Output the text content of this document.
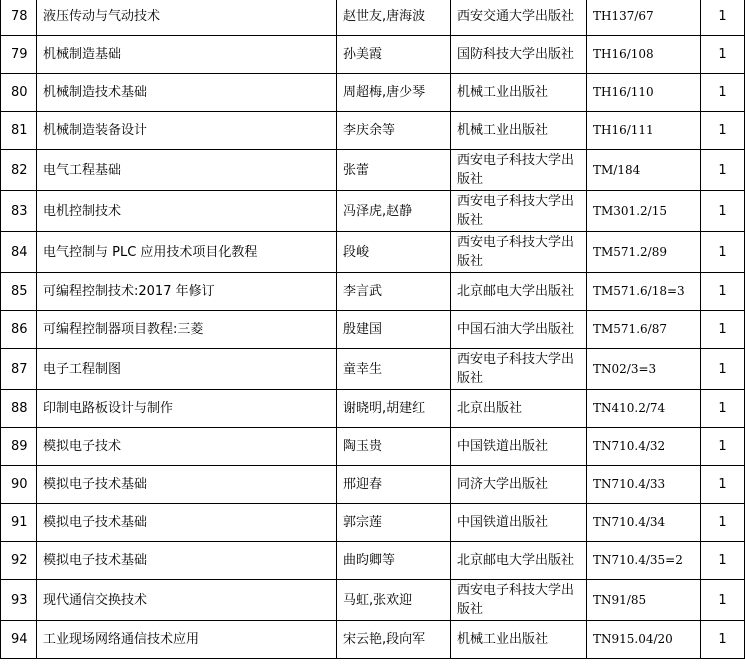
78	液压传动与气动技术	赵世友,唐海波	西安交通大学出版社	TH137/67	1
79	机械制造基础	孙美霞	国防科技大学出版社	TH16/108	1
80	机械制造技术基础	周超梅,唐少琴	机械工业出版社	TH16/110	1
81	机械制造装备设计	李庆余等	机械工业出版社	TH16/111	1
82	电气工程基础	张蕾	西安电子科技大学出版社	TM/184	1
83	电机控制技术	冯泽虎,赵静	西安电子科技大学出版社	TM301.2/15	1
84	电气控制与 PLC 应用技术项目化教程	段峻	西安电子科技大学出版社	TM571.2/89	1
85	可编程控制技术:2017 年修订	李言武	北京邮电大学出版社	TM571.6/18=3	1
86	可编程控制器项目教程:三菱	殷建国	中国石油大学出版社	TM571.6/87	1
87	电子工程制图	童幸生	西安电子科技大学出版社	TN02/3=3	1
88	印制电路板设计与制作	谢晓明,胡建红	北京出版社	TN410.2/74	1
89	模拟电子技术	陶玉贵	中国铁道出版社	TN710.4/32	1
90	模拟电子技术基础	邢迎春	同济大学出版社	TN710.4/33	1
91	模拟电子技术基础	郭宗莲	中国铁道出版社	TN710.4/34	1
92	模拟电子技术基础	曲昀卿等	北京邮电大学出版社	TN710.4/35=2	1
93	现代通信交换技术	马虹,张欢迎	西安电子科技大学出版社	TN91/85	1
94	工业现场网络通信技术应用	宋云艳,段向军	机械工业出版社	TN915.04/20	1
